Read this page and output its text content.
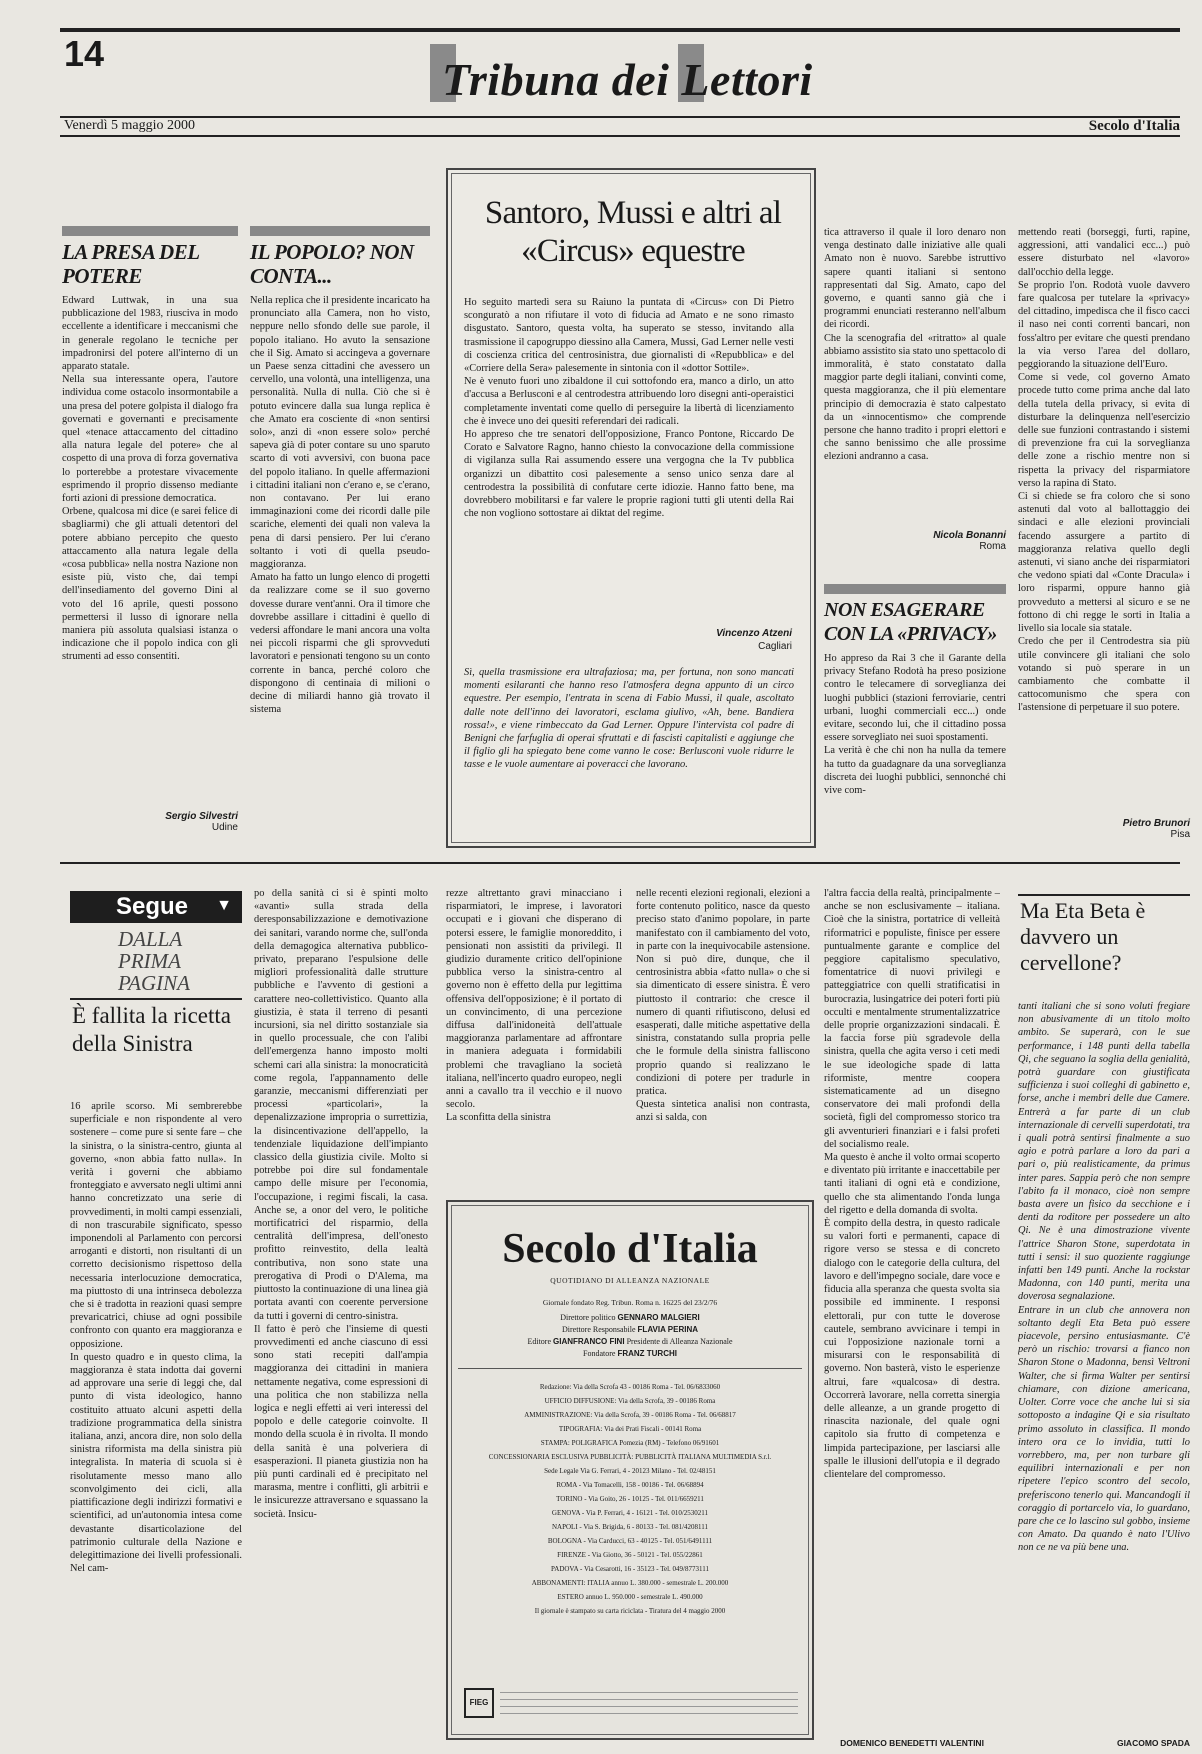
14
Tribuna dei Lettori
Venerdì 5 maggio 2000	Secolo d'Italia
LA PRESA DEL POTERE
Edward Luttwak, in una sua pubblicazione del 1983, riusciva in modo eccellente a identificare i meccanismi che in generale regolano le tecniche per impadronirsi del potere all'interno di un apparato statale.
Nella sua interessante opera, l'autore individua come ostacolo insormontabile a una presa del potere golpista il dialogo fra governati e governanti e precisamente quel «tenace attaccamento del cittadino alla natura legale del potere» che al cospetto di una prova di forza governativa lo porterebbe a protestare vivacemente esprimendo il proprio dissenso mediante forti azioni di pressione democratica.
Orbene, qualcosa mi dice (e sarei felice di sbagliarmi) che gli attuali detentori del potere abbiano percepito che questo attaccamento alla natura legale della «cosa pubblica» nella nostra Nazione non esiste più, visto che, dai tempi dell'insediamento del governo Dini al voto del 16 aprile, questi possono permettersi il lusso di ignorare nella maniera più assoluta qualsiasi istanza o indicazione che il popolo indica con gli strumenti ad esso consentiti.
Sergio Silvestri
Udine
IL POPOLO? NON CONTA...
Nella replica che il presidente incaricato ha pronunciato alla Camera, non ho visto, neppure nello sfondo delle sue parole, il popolo italiano. Ho avuto la sensazione che il Sig. Amato si accingeva a governare un Paese senza cittadini che avessero un cervello, una volontà, una intelligenza, una personalità. Nulla di nulla. Ciò che si è potuto evincere dalla sua lunga replica è che Amato era cosciente di «non sentirsi solo», anzi di «non essere solo» perché sapeva già di poter contare su uno sparuto scarto di voti avversivi, con buona pace del popolo italiano. In quelle affermazioni i cittadini italiani non c'erano e, se c'erano, non contavano. Per lui erano immaginazioni come dei ricordi dalle pile scariche, elementi dei quali non valeva la pena di darsi pensiero. Per lui c'erano soltanto i voti di quella pseudo-maggioranza.
Amato ha fatto un lungo elenco di progetti da realizzare come se il suo governo dovesse durare vent'anni. Ora il timore che dovrebbe assillare i cittadini è quello di vedersi affondare le mani ancora una volta nei piccoli risparmi che gli sprovveduti lavoratori e pensionati tengono su un conto corrente in banca, perché coloro che dispongono di centinaia di milioni o decine di miliardi hanno già trovato il sistema
Santoro, Mussi e altri al «Circus» equestre
Ho seguito martedì sera su Raiuno la puntata di «Circus» con Di Pietro sconguratò a non rifiutare il voto di fiducia ad Amato e ne sono rimasto disgustato. Santoro, questa volta, ha superato se stesso, invitando alla trasmissione il capogruppo diessino alla Camera, Mussi, Gad Lerner nelle vesti di coscienza critica del centrosinistra, due giornalisti di «Repubblica» e del «Corriere della Sera» palesemente in sintonia con il «dottor Sottile».
Ne è venuto fuori uno zibaldone il cui sottofondo era, manco a dirlo, un atto d'accusa a Berlusconi e al centrodestra attribuendo loro disegni anti-operaistici completamente inventati come quello di perseguire la libertà di licenziamento che è invece uno dei quesiti referendari dei radicali.
Ho appreso che tre senatori dell'opposizione, Franco Pontone, Riccardo De Corato e Salvatore Ragno, hanno chiesto la convocazione della commissione di vigilanza sulla Rai assumendo essere una vergogna che la Tv pubblica organizzi un dibattito così palesemente a senso unico senza dare al centrodestra la possibilità di confutare certe idiozie. Hanno fatto bene, ma dovrebbero mobilitarsi e far valere le proprie ragioni tutti gli utenti della Rai che non vogliono sottostare ai diktat del regime.
Vincenzo Atzeni
Cagliari
Sì, quella trasmissione era ultrafaziosa; ma, per fortuna, non sono mancati momenti esilaranti che hanno reso l'atmosfera degna appunto di un circo equestre. Per esempio, l'entrata in scena di Fabio Mussi, il quale, ascoltato dalle note dell'inno dei lavoratori, esclama giulivo, «Ah, bene. Bandiera rossa!», e viene rimbeccato da Gad Lerner. Oppure l'intervista col padre di Benigni che farfuglia di operai sfruttati e di fascisti capitalisti e aggiunge che il figlio gli ha spiegato bene come vanno le cose: Berlusconi vuole ridurre le tasse e le vuole aumentare ai poveracci che lavorano.
tica attraverso il quale il loro denaro non venga destinato dalle iniziative alle quali Amato non è nuovo. Sarebbe istruttivo sapere quanti italiani si sentono rappresentati dal Sig. Amato, capo del governo, e quanti sanno già che i programmi enunciati resteranno nell'album dei ricordi.
Che la scenografia del «ritratto» al quale abbiamo assistito sia stato uno spettacolo di immoralità, è stato constatato dalla maggior parte degli italiani, convinti come, questa maggioranza, che il più elementare principio di democrazia è stato calpestato da un «innocentismo» che comprende persone che hanno tradito i propri elettori e che sanno benissimo che alle prossime elezioni andranno a casa.
Nicola Bonanni
Roma
NON ESAGERARE CON LA «PRIVACY»
Ho appreso da Rai 3 che il Garante della privacy Stefano Rodotà ha preso posizione contro le telecamere di sorveglianza dei luoghi pubblici (stazioni ferroviarie, centri urbani, luoghi commerciali ecc...) onde evitare, secondo lui, che il cittadino possa essere sorvegliato nei suoi spostamenti.
La verità è che chi non ha nulla da temere ha tutto da guadagnare da una sorveglianza discreta dei luoghi pubblici, sennonché chi vive com-
mettendo reati (borseggi, furti, rapine, aggressioni, atti vandalici ecc...) può essere disturbato nel «lavoro» dall'occhio della legge.
Se proprio l'on. Rodotà vuole davvero fare qualcosa per tutelare la «privacy» del cittadino, impedisca che il fisco cacci il naso nei conti correnti bancari, non foss'altro per evitare che questi prendano la via verso l'area del dollaro, peggiorando la situazione dell'Euro.
Come si vede, col governo Amato procede tutto come prima anche dal lato della tutela della privacy, si evita di disturbare la delinquenza nell'esercizio delle sue funzioni contrastando i sistemi di prevenzione fra cui la sorveglianza delle zone a rischio mentre non si rispetta la privacy del risparmiatore verso la rapina di Stato.
Ci si chiede se fra coloro che si sono astenuti dal voto al ballottaggio dei sindaci e alle elezioni provinciali facendo assurgere a partito di maggioranza relativa quello degli astenuti, vi siano anche dei risparmiatori che vedono spiati dal «Conte Dracula» i loro risparmi, oppure hanno già provveduto a mettersi al sicuro e se ne fottono di chi regge le sorti in Italia a livello sia locale sia statale.
Credo che per il Centrodestra sia più utile convincere gli italiani che solo votando si può sperare in un cambiamento che combatte il cattocomunismo che spera con l'astensione di perpetuare il suo potere.
Pietro Brunori
Pisa
Segue ▼
DALLA PRIMA PAGINA
È fallita la ricetta della Sinistra
16 aprile scorso. Mi sembrerebbe superficiale e non rispondente al vero sostenere – come pure si sente fare – che la sinistra, o la sinistra-centro, giunta al governo, «non abbia fatto nulla». In verità i governi che abbiamo fronteggiato e avversato negli ultimi anni hanno concretizzato una serie di provvedimenti, in molti campi essenziali, di non trascurabile significato, spesso imponendoli al Parlamento con percorsi arroganti e distorti, non risultanti di un corretto decisionismo rispettoso della necessaria interlocuzione democratica, ma piuttosto di una intrinseca debolezza che si è tradotta in reazioni quasi sempre prevaricatrici, chiuse ad ogni possibile confronto con quanto era maggioranza e opposizione.
In questo quadro e in questo clima, la maggioranza è stata indotta dai governi ad approvare una serie di leggi che, dal punto di vista ideologico, hanno costituito attuato alcuni aspetti della tradizione programmatica della sinistra italiana, anzi, ancora dire, non solo della sinistra riformista ma della sinistra più integralista. In materia di scuola si è risolutamente messo mano allo sconvolgimento dei cicli, alla piattificazione degli indirizzi formativi e scientifici, ad un'autonomia intesa come devastante disarticolazione del patrimonio culturale della Nazione e delegittimazione dei livelli professionali. Nel cam-
po della sanità ci si è spinti molto «avanti» sulla strada della deresponsabilizzazione e demotivazione dei sanitari, varando norme che, sull'onda della demagogica alternativa pubblico-privato, preparano l'espulsione delle migliori professionalità dalle strutture pubbliche e l'avvento di gestioni a carattere neo-collettivistico. Quanto alla giustizia, è stata il terreno di pesanti incursioni, sia nel diritto sostanziale sia in quello processuale, che con l'alibi dell'emergenza hanno imposto molti schemi cari alla sinistra: la monocraticità come regola, l'appannamento delle garanzie, meccanismi differenziati per processi «particolari», la depenalizzazione impropria o surrettizia, la disincentivazione dell'appello, la tendenziale liquidazione dell'impianto classico della giustizia civile. Molto si potrebbe poi dire sul fondamentale campo delle misure per l'economia, l'occupazione, i regimi fiscali, la casa. Anche se, a onor del vero, le politiche mortificatrici del risparmio, della centralità dell'impresa, dell'onesto profitto reinvestito, della lealtà contributiva, non sono state una prerogativa di Prodi o D'Alema, ma piuttosto la continuazione di una linea già portata avanti con coerente perversione da tutti i governi di centro-sinistra.
Il fatto è però che l'insieme di questi provvedimenti ed anche ciascuno di essi sono stati recepiti dall'ampia maggioranza dei cittadini in maniera nettamente negativa, come espressioni di una politica che non stabilizza nella logica e negli effetti ai veri interessi del popolo e delle categorie coinvolte. Il mondo della scuola è in rivolta. Il mondo della sanità è una polveriera di esasperazioni. Il pianeta giustizia non ha più punti cardinali ed è precipitato nel marasma, mentre i conflitti, gli arbitrii e le insicurezze attraversano e squassano la società. Insicu-
rezze altrettanto gravi minacciano i risparmiatori, le imprese, i lavoratori occupati e i giovani che disperano di potersi essere, le famiglie monoreddito, i pensionati non assistiti da privilegi. Il giudizio duramente critico dell'opinione pubblica verso la sinistra-centro al governo non è effetto della pur legittima offensiva dell'opposizione; è il portato di un convincimento, di una percezione diffusa dall'inidoneità dell'attuale maggioranza parlamentare ad affrontare in maniera adeguata i formidabili problemi che travagliano la società italiana, nell'incerto quadro europeo, negli anni a cavallo tra il vecchio e il nuovo secolo.
La sconfitta della sinistra
nelle recenti elezioni regionali, elezioni a forte contenuto politico, nasce da questo preciso stato d'animo popolare, in parte manifestato con il cambiamento del voto, in parte con la inequivocabile astensione. Non si può dire, dunque, che il centrosinistra abbia «fatto nulla» o che si sia dimenticato di essere sinistra. È vero piuttosto il contrario: che cresce il numero di quanti rifiutiscono, delusi ed esasperati, dalle mitiche aspettative della sinistra, constatando sulla propria pelle che le formule della sinistra falliscono proprio quando si realizzano le condizioni di potere per tradurle in pratica.
Questa sintetica analisi non contrasta, anzi si salda, con
l'altra faccia della realtà, principalmente – anche se non esclusivamente – italiana. Cioè che la sinistra, portatrice di velleità riformatrici e populiste, finisce per essere puntualmente garante e complice del peggiore capitalismo speculativo, fomentatrice di nuovi privilegi e patteggiatrice con quelli stratificatisi in burocrazia, lusingatrice dei poteri forti più occulti e mentalmente strumentalizzatrice delle proprie organizzazioni sindacali. È la faccia forse più sgradevole della sinistra, quella che agita verso i ceti medi le sue ideologiche spade di latta riformiste, mentre coopera sistematicamente ad un disegno conservatore dei mali profondi della società, figli del compromesso storico tra gli avventurieri finanziari e i falsi profeti del socialismo reale.
Ma questo è anche il volto ormai scoperto e diventato più irritante e inaccettabile per tanti italiani di ogni età e condizione, quello che sta alimentando l'onda lunga del rigetto e della domanda di svolta.
È compito della destra, in questo radicale su valori forti e permanenti, capace di rigore verso se stessa e di concreto dialogo con le categorie della cultura, del lavoro e dell'impegno sociale, dare voce e fiducia alla speranza che questa svolta sia possibile ed imminente. I responsi elettorali, pur con tutte le doverose cautele, sembrano avvicinare i tempi in cui l'opposizione nazionale torni a misurarsi con le responsabilità di governo. Non basterà, visto le esperienze altrui, fare «qualcosa» di destra. Occorrerà lavorare, nella corretta sinergia delle alleanze, a un grande progetto di rinascita nazionale, del quale ogni capitolo sia frutto di competenza e limpida partecipazione, per lasciarsi alle spalle le illusioni dell'utopia e il degrado clientelare del compromesso.
DOMENICO BENEDETTI VALENTINI
Secolo d'Italia
QUOTIDIANO DI ALLEANZA NAZIONALE
Giornale fondato Reg. Tribun. Roma n. 16225 del 23/2/76
Direttore politico GENNARO MALGIERI
Direttore Responsabile FLAVIA PERINA
Editore GIANFRANCO FINI Presidente di Alleanza Nazionale
Fondatore FRANZ TURCHI
Redazione: Via della Scrofa 43 - 00186 Roma - Tel. 06/6833060
UFFICIO DIFFUSIONE: Via della Scrofa, 39 - 00186 Roma
AMMINISTRAZIONE: Via della Scrofa, 39 - 00186 Roma - Tel. 06/68817
TIPOGRAFIA: Via dei Prati Fiscali - 00141 Roma
STAMPA: POLIGRAFICA Pomezia (RM) - Telefono 06/91601
CONCESSIONARIA ESCLUSIVA PUBBLICITÀ: PUBBLICITÀ ITALIANA MULTIMEDIA S.r.l.
Sede Legale Via G. Ferrari, 4 - 20123 Milano - Tel. 02/48151
ROMA - Via Tomacelli, 158 - 00186 - Tel. 06/68894
TORINO - Via Goito, 26 - 10125 - Tel. 011/6659211
GENOVA - Via P. Ferrari, 4 - 16121 - Tel. 010/2530211
NAPOLI - Via S. Brigida, 6 - 80133 - Tel. 081/4208111
BOLOGNA - Via Carducci, 63 - 40125 - Tel. 051/6491111
FIRENZE - Via Giotto, 36 - 50121 - Tel. 055/22861
PADOVA - Via Cesarotti, 16 - 35123 - Tel. 049/8773111
ABBONAMENTI: ITALIA annuo L. 380.000 - semestrale L. 200.000
ESTERO annuo L. 950.000 - semestrale L. 490.000
Il giornale è stampato su carta riciclata - Tiratura del 4 maggio 2000
FIEG
Ma Eta Beta è davvero un cervellone?
tanti italiani che si sono voluti fregiare non abusivamente di un titolo molto ambito. Se superarà, con le sue performance, i 148 punti della tabella Qi, che seguano la soglia della genialità, potrà guardare con giustificata sufficienza i suoi colleghi di gabinetto e, forse, anche i membri delle due Camere. Entrerà a far parte di un club internazionale di cervelli superdotati, tra i quali potrà sentirsi finalmente a suo agio e potrà parlare a loro da pari a pari o, più realisticamente, da primus inter pares. Sappia però che non sempre l'abito fa il monaco, cioè non sempre basta avere un fisico da secchione e i denti da roditore per possedere un alto Qi. Ne è una dimostrazione vivente l'attrice Sharon Stone, superdotata in tutti i sensi: il suo quoziente raggiunge infatti ben 149 punti. Anche la rockstar Madonna, con 140 punti, merita una doverosa segnalazione.
Entrare in un club che annovera non soltanto degli Eta Beta può essere piacevole, persino entusiasmante. C'è però un rischio: trovarsi a fianco non Sharon Stone o Madonna, bensì Veltroni Walter, che si firma Walter per sentirsi chiamare, con dizione americana, Uolter. Corre voce che anche lui si sia sottoposto a indagine Qi e sia risultato primo assoluto in classifica. Il mondo intero ora ce lo invidia, tutti lo vorrebbero, ma, per non turbare gli equilibri internazionali e per non ripetere l'epico scontro del secolo, preferiscono tenerlo qui. Mancandogli il coraggio di portarcelo via, lo guardano, pare che ce lo lascino sul gobbo, insieme con Amato. Da quando è nato l'Ulivo non ce ne va più bene una.
GIACOMO SPADA
